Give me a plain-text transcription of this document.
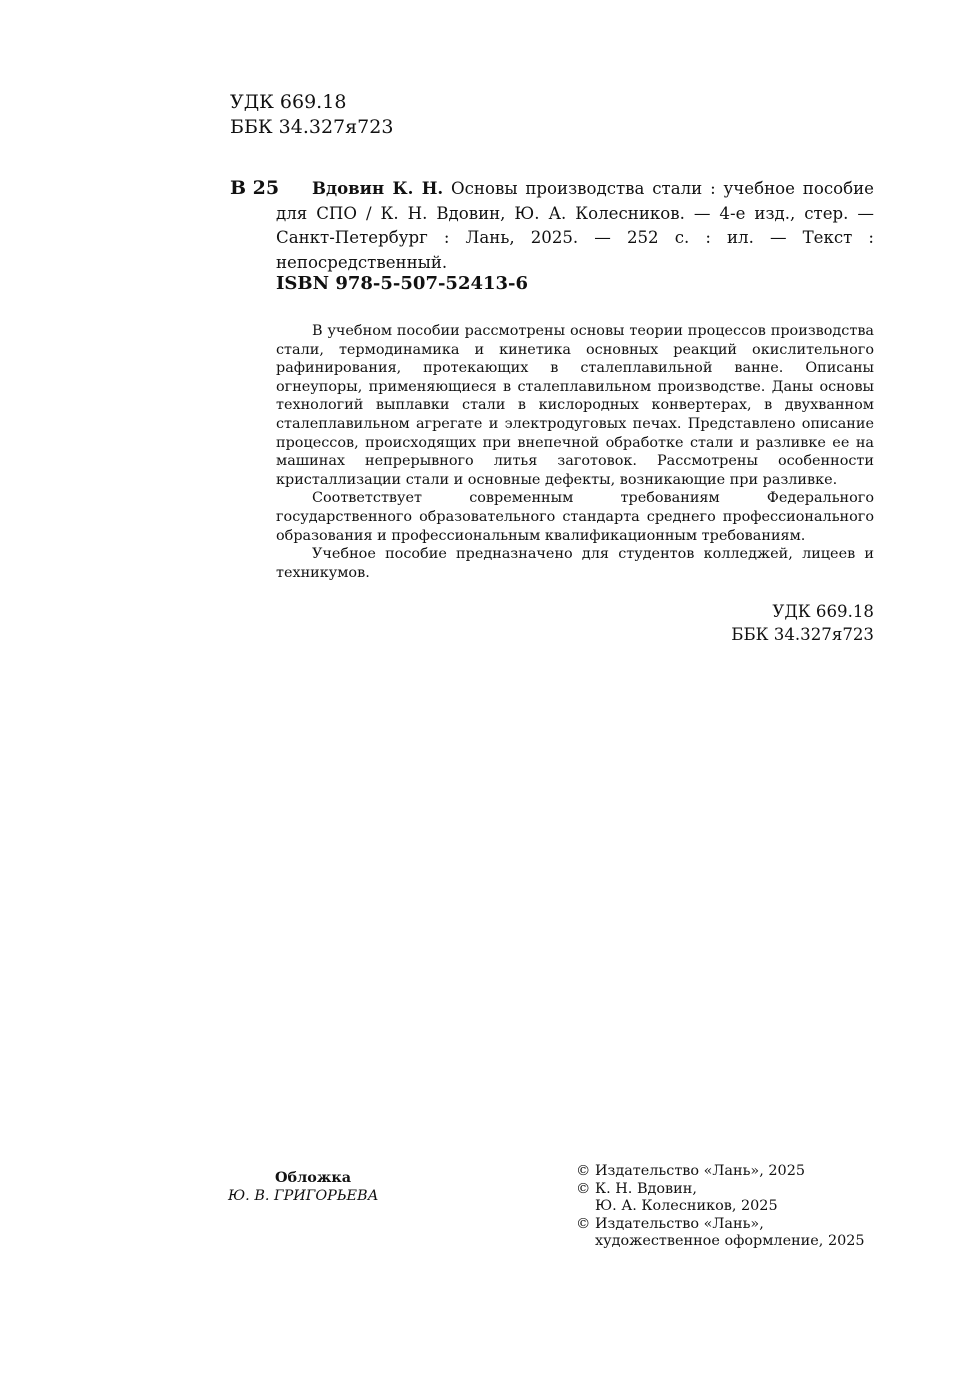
УДК 669.18
ББК 34.327я723
В 25	Вдовин К. Н. Основы производства стали : учебное пособие для СПО / К. Н. Вдовин, Ю. А. Колесников. — 4-е изд., стер. — Санкт-Петербург : Лань, 2025. — 252 с. : ил. — Текст : непосредственный.
ISBN 978-5-507-52413-6

В учебном пособии рассмотрены основы теории процессов производства стали, термодинамика и кинетика основных реакций окислительного рафинирования, протекающих в сталеплавильной ванне. Описаны огнеупоры, применяющиеся в сталеплавильном производстве. Даны основы технологий выплавки стали в кислородных конвертерах, в двухванном сталеплавильном агрегате и электродуговых печах. Представлено описание процессов, происходящих при внепечной обработке стали и разливке ее на машинах непрерывного литья заготовок. Рассмотрены особенности кристаллизации стали и основные дефекты, возникающие при разливке.

Соответствует современным требованиям Федерального государственного образовательного стандарта среднего профессионального образования и профессиональным квалификационным требованиям.

Учебное пособие предназначено для студентов колледжей, лицеев и техникумов.

УДК 669.18
ББК 34.327я723
Обложка
Ю. В. ГРИГОРЬЕВА
© Издательство «Лань», 2025
© К. Н. Вдовин,
Ю. А. Колесников, 2025
© Издательство «Лань»,
художественное оформление, 2025
